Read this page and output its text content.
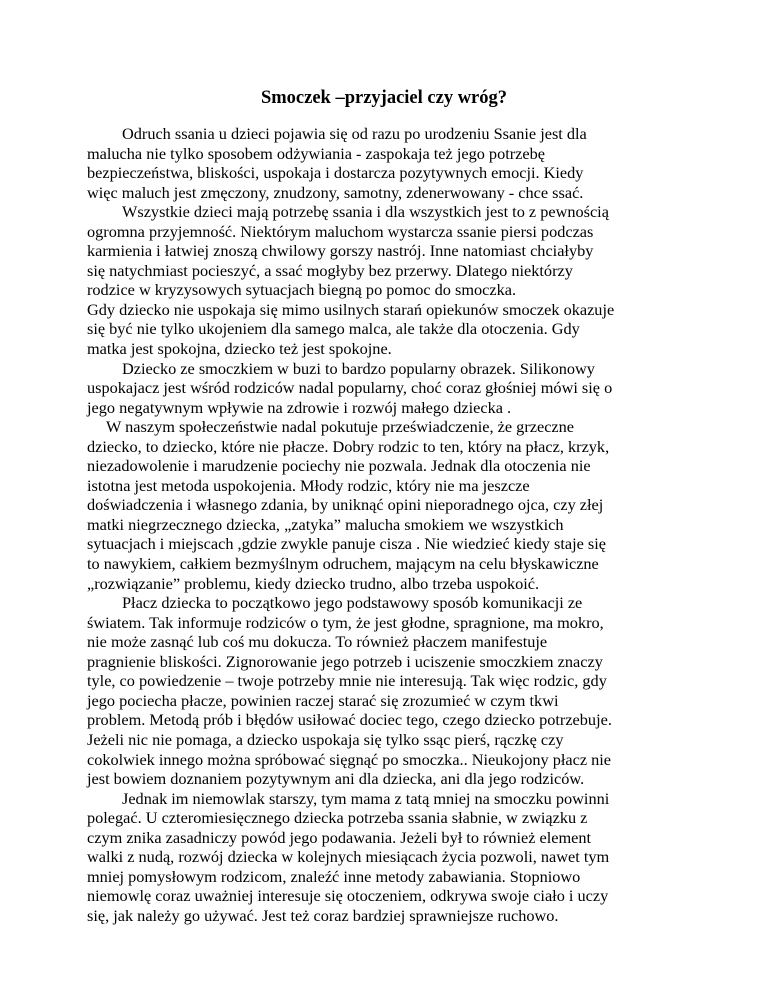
Smoczek –przyjaciel czy wróg?
Odruch ssania u dzieci pojawia się od razu po urodzeniu Ssanie jest dla
malucha nie tylko sposobem odżywiania - zaspokaja też jego potrzebę
bezpieczeństwa, bliskości, uspokaja i dostarcza pozytywnych emocji. Kiedy
więc maluch jest zmęczony, znudzony, samotny, zdenerwowany - chce ssać.
Wszystkie dzieci mają potrzebę ssania i dla wszystkich jest to z pewnością
ogromna przyjemność. Niektórym maluchom wystarcza ssanie piersi podczas
karmienia i łatwiej znoszą chwilowy gorszy nastrój. Inne natomiast chciałyby
się natychmiast pocieszyć, a ssać mogłyby bez przerwy. Dlatego niektórzy
rodzice w kryzysowych sytuacjach biegną po pomoc do smoczka.
Gdy dziecko nie uspokaja się mimo usilnych starań opiekunów smoczek okazuje
się być nie tylko ukojeniem dla samego malca, ale także dla otoczenia. Gdy
matka jest spokojna, dziecko też jest spokojne.
Dziecko ze smoczkiem w buzi to bardzo popularny obrazek. Silikonowy
uspokajacz jest wśród rodziców nadal popularny, choć coraz głośniej mówi się o
jego negatywnym wpływie na zdrowie i rozwój małego dziecka .
W naszym społeczeństwie nadal pokutuje przeświadczenie, że grzeczne
dziecko, to dziecko, które nie płacze. Dobry rodzic to ten, który na płacz, krzyk,
niezadowolenie i marudzenie pociechy nie pozwala. Jednak dla otoczenia nie
istotna jest metoda uspokojenia. Młody rodzic, który nie ma jeszcze
doświadczenia i własnego zdania, by uniknąć opini nieporadnego ojca, czy złej
matki niegrzecznego dziecka, „zatyka” malucha smokiem we wszystkich
sytuacjach i miejscach ,gdzie zwykle panuje cisza . Nie wiedzieć kiedy staje się
to nawykiem, całkiem bezmyślnym odruchem, mającym na celu błyskawiczne
„rozwiązanie” problemu, kiedy dziecko trudno, albo trzeba uspokoić.
Płacz dziecka to początkowo jego podstawowy sposób komunikacji ze
światem. Tak informuje rodziców o tym, że jest głodne, spragnione, ma mokro,
nie może zasnąć lub coś mu dokucza. To również płaczem manifestuje
pragnienie bliskości. Zignorowanie jego potrzeb i uciszenie smoczkiem znaczy
tyle, co powiedzenie – twoje potrzeby mnie nie interesują. Tak więc rodzic, gdy
jego pociecha płacze, powinien raczej starać się zrozumieć w czym tkwi
problem. Metodą prób i błędów usiłować dociec tego, czego dziecko potrzebuje.
Jeżeli nic nie pomaga, a dziecko uspokaja się tylko ssąc pierś, rączkę czy
cokolwiek innego można spróbować sięgnąć po smoczka.. Nieukojony płacz nie
jest bowiem doznaniem pozytywnym ani dla dziecka, ani dla jego rodziców.
Jednak im niemowlak starszy, tym mama z tatą mniej na smoczku powinni
polegać. U czteromiesięcznego dziecka potrzeba ssania słabnie, w związku z
czym znika zasadniczy powód jego podawania. Jeżeli był to również element
walki z nudą, rozwój dziecka w kolejnych miesiącach życia pozwoli, nawet tym
mniej pomysłowym rodzicom, znaleźć inne metody zabawiania. Stopniowo
niemowlę coraz uważniej interesuje się otoczeniem, odkrywa swoje ciało i uczy
się, jak należy go używać. Jest też coraz bardziej sprawniejsze ruchowo.
